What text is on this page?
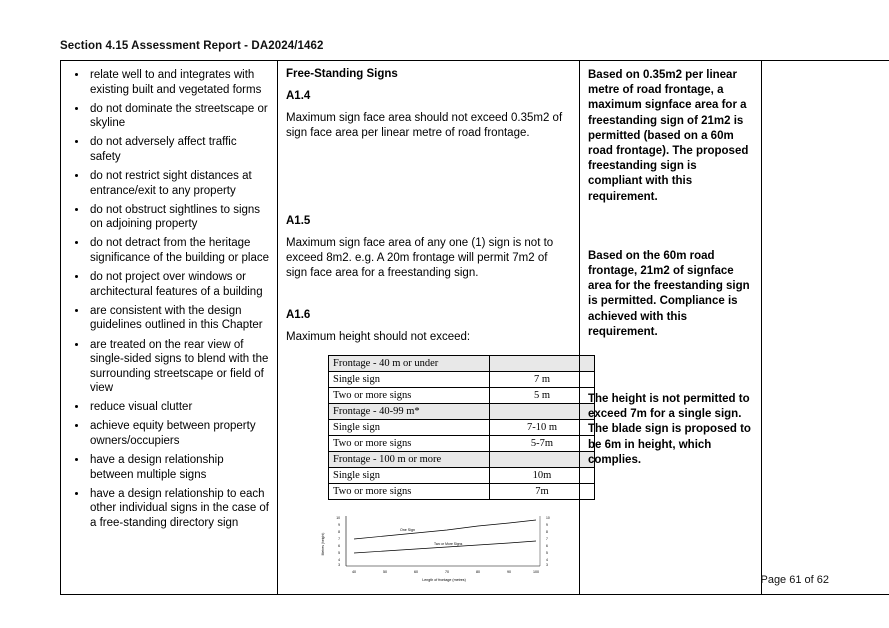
Section 4.15 Assessment Report - DA2024/1462
• relate well to and integrates with existing built and vegetated forms
• do not dominate the streetscape or skyline
• do not adversely affect traffic safety
• do not restrict sight distances at entrance/exit to any property
• do not obstruct sightlines to signs on adjoining property
• do not detract from the heritage significance of the building or place
• do not project over windows or architectural features of a building
• are consistent with the design guidelines outlined in this Chapter
• are treated on the rear view of single-sided signs to blend with the surrounding streetscape or field of view
• reduce visual clutter
• achieve equity between property owners/occupiers
• have a design relationship between multiple signs
• have a design relationship to each other individual signs in the case of a free-standing directory sign

Free-Standing Signs

A1.4

Maximum sign face area should not exceed 0.35m2 of sign face area per linear metre of road frontage.

A1.5

Maximum sign face area of any one (1) sign is not to exceed 8m2. e.g. A 20m frontage will permit 7m2 of sign face area for a freestanding sign.

A1.6

Maximum height should not exceed:

Frontage - 40 m or under	
Single sign	7 m
Two or more signs	5 m
Frontage - 40-99 m*	
Single sign	7-10 m
Two or more signs	5-7m
Frontage - 100 m or more	
Single sign	10m
Two or more signs	7m
10
9
8
7
6
5
4
3
10
9
8
7
6
5
4
3
40	50	60	70	80	90	100
Length of frontage (metres)
Metres (height)
One Sign
Two or More Signs

Based on 0.35m2 per linear metre of road frontage, a maximum signface area for a freestanding sign of 21m2 is permitted (based on a 60m road frontage). The proposed freestanding sign is compliant with this requirement.

Based on the 60m road frontage, 21m2 of signface area for the freestanding sign is permitted. Compliance is achieved with this requirement.

The height is not permitted to exceed 7m for a single sign. The blade sign is proposed to be 6m in height, which complies.

Page 61 of 62
